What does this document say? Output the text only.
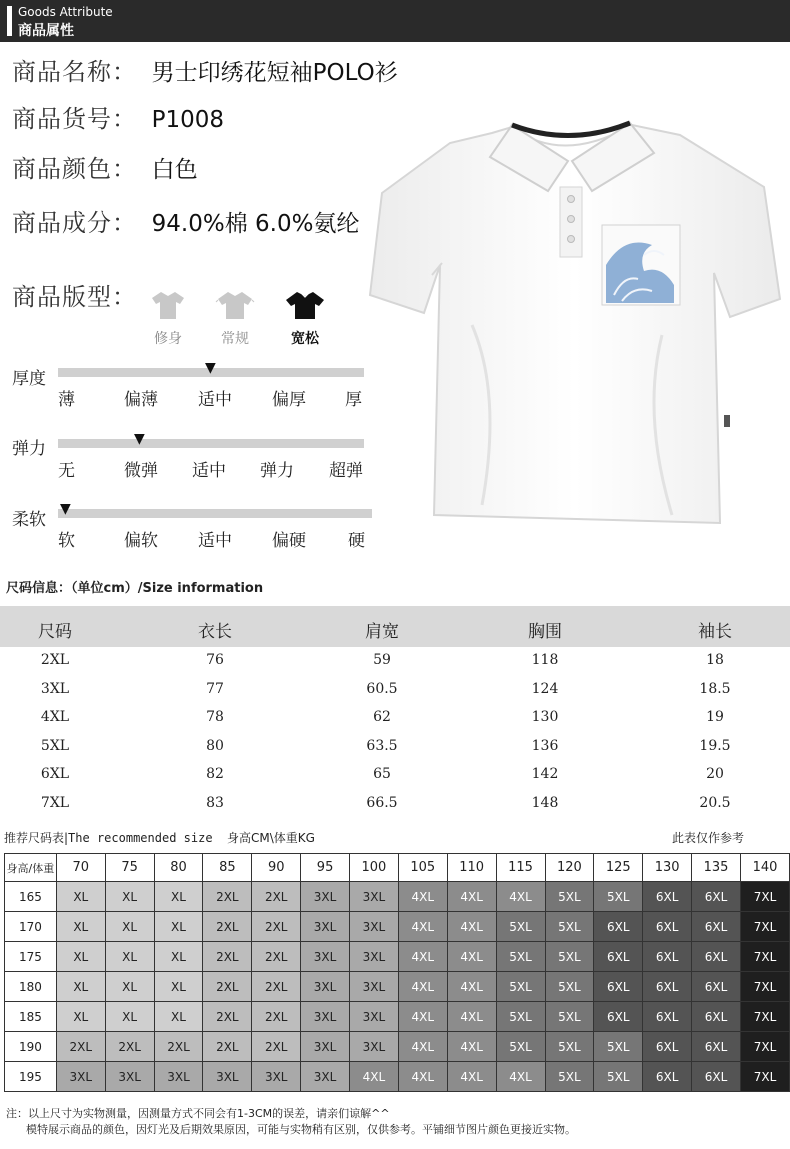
Goods Attribute
商品属性
商品名称： 男士印绣花短袖POLO衫
商品货号： P1008
商品颜色： 白色
商品成分： 94.0%棉 6.0%氨纶
商品版型：
修身	常规	宽松
厚度
▼
薄	偏薄 适中 偏厚 厚
弹力	▼
无	微弹 适中 弹力 超弹
柔软
▼
软	偏软 适中 偏硬 硬
尺码信息：（单位cm）/Size information
尺码	衣长	肩宽	胸围	袖长
2XL	76	59	118	18
3XL	77	60.5	124	18.5
4XL	78	62	130	19
5XL	80	63.5	136	19.5
6XL	82	65	142	20
7XL	83	66.5	148	20.5
推荐尺码表|The recommended size 身高CM\体重KG	此表仅作参考
身高/体重	70	75	80	85	90	95	100	105	110	115	120	125	130	135	140
165	XL	XL	XL	2XL	2XL	3XL	3XL	4XL	4XL	4XL	5XL	5XL	6XL	6XL	7XL
170	XL	XL	XL	2XL	2XL	3XL	3XL	4XL	4XL	5XL	5XL	6XL	6XL	6XL	7XL
175	XL	XL	XL	2XL	2XL	3XL	3XL	4XL	4XL	5XL	5XL	6XL	6XL	6XL	7XL
180	XL	XL	XL	2XL	2XL	3XL	3XL	4XL	4XL	5XL	5XL	6XL	6XL	6XL	7XL
185	XL	XL	XL	2XL	2XL	3XL	3XL	4XL	4XL	5XL	5XL	6XL	6XL	6XL	7XL
190	2XL	2XL	2XL	2XL	2XL	3XL	3XL	4XL	4XL	5XL	5XL	5XL	6XL	6XL	7XL
195	3XL	3XL	3XL	3XL	3XL	3XL	4XL	4XL	4XL	4XL	5XL	5XL	6XL	6XL	7XL
注：以上尺寸为实物测量，因测量方式不同会有1-3CM的误差，请亲们谅解^^
模特展示商品的颜色，因灯光及后期效果原因，可能与实物稍有区别，仅供参考。平铺细节图片颜色更接近实物。
